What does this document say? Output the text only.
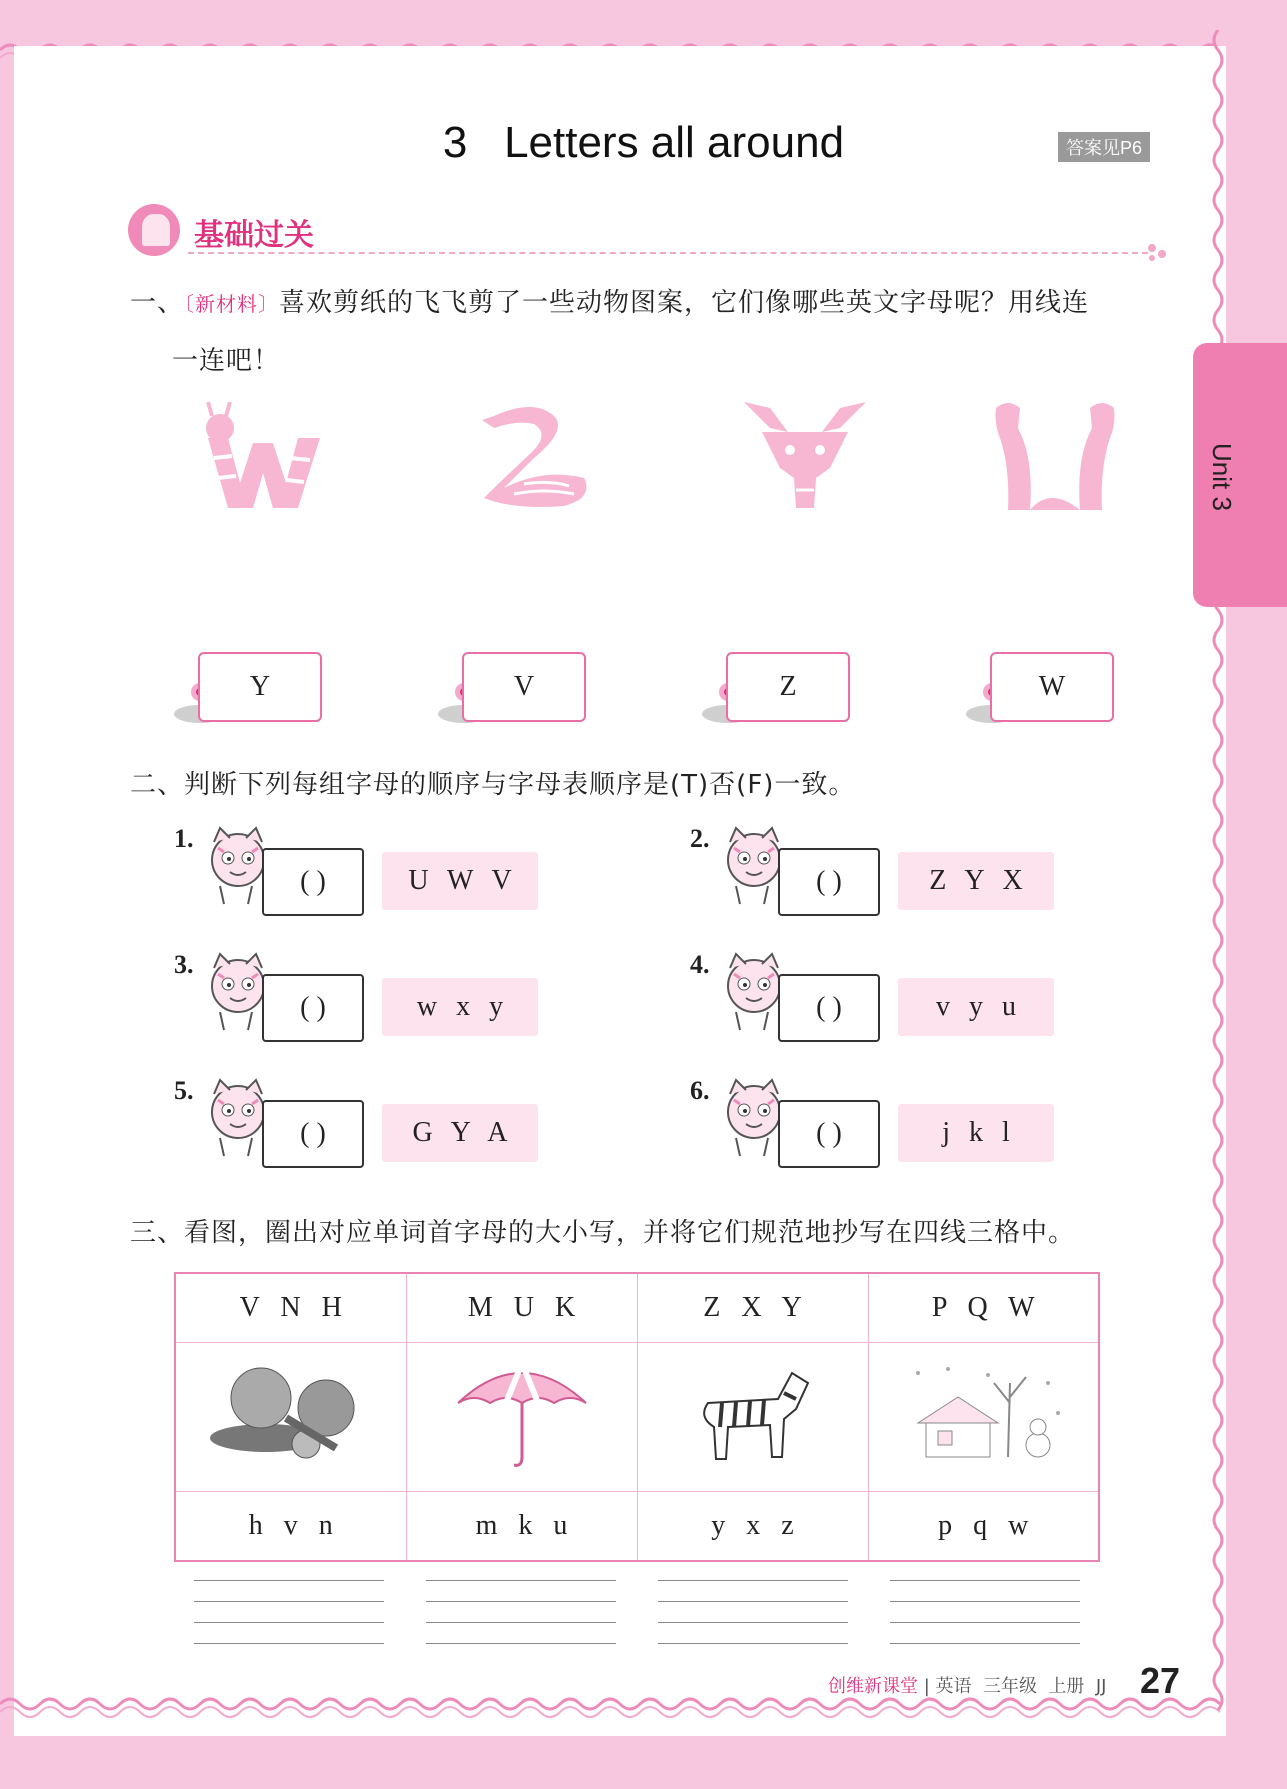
3   Letters all around	答案见P6
Unit 3
基础过关
一、〔新材料〕喜欢剪纸的飞飞剪了一些动物图案，它们像哪些英文字母呢？用线连
一连吧！
Y	V	Z	W
二、判断下列每组字母的顺序与字母表顺序是(T)否(F)一致。
1.
( )	U W V
2.
( )	Z Y X
3.
( )	w x y
4.
( )	v y u
5.
( )	G Y A
6.
( )	j k l
三、看图，圈出对应单词首字母的大小写，并将它们规范地抄写在四线三格中。
V N H	M U K	Z X Y	P Q W

h v n	m k u	y x z	p q w
创维新课堂 | 英语  三年级  上册  JJ 27
